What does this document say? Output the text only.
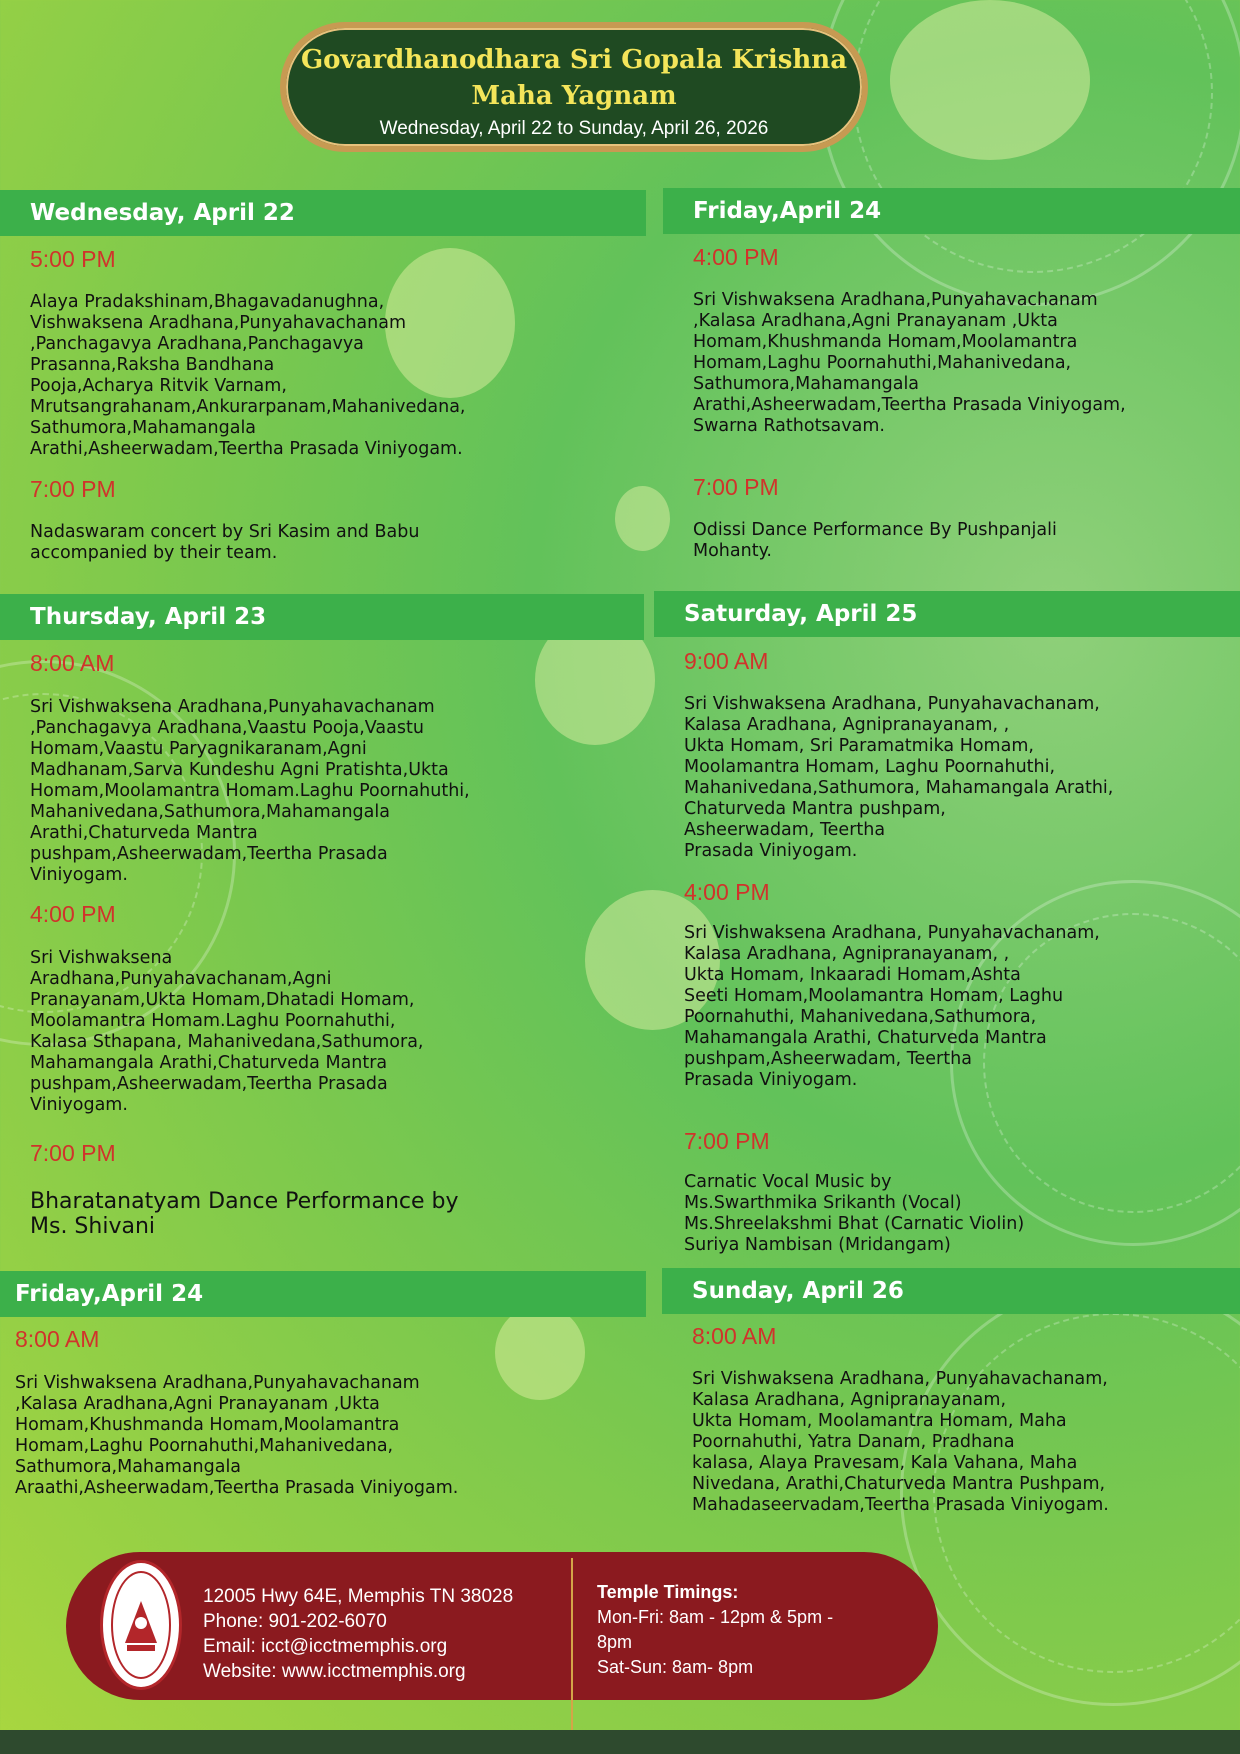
Govardhanodhara Sri Gopala Krishna
Maha Yagnam
Wednesday, April 22 to Sunday, April 26, 2026
Wednesday, April 22
5:00 PM
Alaya Pradakshinam,Bhagavadanughna,
Vishwaksena Aradhana,Punyahavachanam
,Panchagavya Aradhana,Panchagavya
Prasanna,Raksha Bandhana
Pooja,Acharya Ritvik Varnam,
Mrutsangrahanam,Ankurarpanam,Mahanivedana,
Sathumora,Mahamangala
Arathi,Asheerwadam,Teertha Prasada Viniyogam.
7:00 PM
Nadaswaram concert by Sri Kasim and Babu
accompanied by their team.
Friday,April 24
4:00 PM
Sri Vishwaksena Aradhana,Punyahavachanam
,Kalasa Aradhana,Agni Pranayanam ,Ukta
Homam,Khushmanda Homam,Moolamantra
Homam,Laghu Poornahuthi,Mahanivedana,
Sathumora,Mahamangala
Arathi,Asheerwadam,Teertha Prasada Viniyogam,
Swarna Rathotsavam.
7:00 PM
Odissi Dance Performance By Pushpanjali
Mohanty.
Thursday, April 23
8:00 AM
Sri Vishwaksena Aradhana,Punyahavachanam
,Panchagavya Aradhana,Vaastu Pooja,Vaastu
Homam,Vaastu Paryagnikaranam,Agni
Madhanam,Sarva Kundeshu Agni Pratishta,Ukta
Homam,Moolamantra Homam.Laghu Poornahuthi,
Mahanivedana,Sathumora,Mahamangala
Arathi,Chaturveda Mantra
pushpam,Asheerwadam,Teertha Prasada
Viniyogam.
4:00 PM
Sri Vishwaksena
Aradhana,Punyahavachanam,Agni
Pranayanam,Ukta Homam,Dhatadi Homam,
Moolamantra Homam.Laghu Poornahuthi,
Kalasa Sthapana, Mahanivedana,Sathumora,
Mahamangala Arathi,Chaturveda Mantra
pushpam,Asheerwadam,Teertha Prasada
Viniyogam.
7:00 PM
Bharatanatyam Dance Performance by
Ms. Shivani
Saturday, April 25
9:00 AM
Sri Vishwaksena Aradhana, Punyahavachanam,
Kalasa Aradhana, Agnipranayanam, ,
Ukta Homam, Sri Paramatmika Homam,
Moolamantra Homam, Laghu Poornahuthi,
Mahanivedana,Sathumora, Mahamangala Arathi,
Chaturveda Mantra pushpam,
Asheerwadam, Teertha
Prasada Viniyogam.
4:00 PM
Sri Vishwaksena Aradhana, Punyahavachanam,
Kalasa Aradhana, Agnipranayanam, ,
Ukta Homam, Inkaaradi Homam,Ashta
Seeti Homam,Moolamantra Homam, Laghu
Poornahuthi, Mahanivedana,Sathumora,
Mahamangala Arathi, Chaturveda Mantra
pushpam,Asheerwadam, Teertha
Prasada Viniyogam.
7:00 PM
Carnatic Vocal Music by
Ms.Swarthmika Srikanth (Vocal)
Ms.Shreelakshmi Bhat (Carnatic Violin)
Suriya Nambisan (Mridangam)
Friday,April 24
8:00 AM
Sri Vishwaksena Aradhana,Punyahavachanam
,Kalasa Aradhana,Agni Pranayanam ,Ukta
Homam,Khushmanda Homam,Moolamantra
Homam,Laghu Poornahuthi,Mahanivedana,
Sathumora,Mahamangala
Araathi,Asheerwadam,Teertha Prasada Viniyogam.
Sunday, April 26
8:00 AM
Sri Vishwaksena Aradhana, Punyahavachanam,
Kalasa Aradhana, Agnipranayanam,
Ukta Homam, Moolamantra Homam, Maha
Poornahuthi, Yatra Danam, Pradhana
kalasa, Alaya Pravesam, Kala Vahana, Maha
Nivedana, Arathi,Chaturveda Mantra Pushpam,
Mahadaseervadam,Teertha Prasada Viniyogam.
12005 Hwy 64E, Memphis TN 38028
Phone: 901-202-6070
Email: icct@icctmemphis.org
Website: www.icctmemphis.org
Temple Timings:
Mon-Fri: 8am - 12pm & 5pm -
8pm
Sat-Sun: 8am- 8pm
